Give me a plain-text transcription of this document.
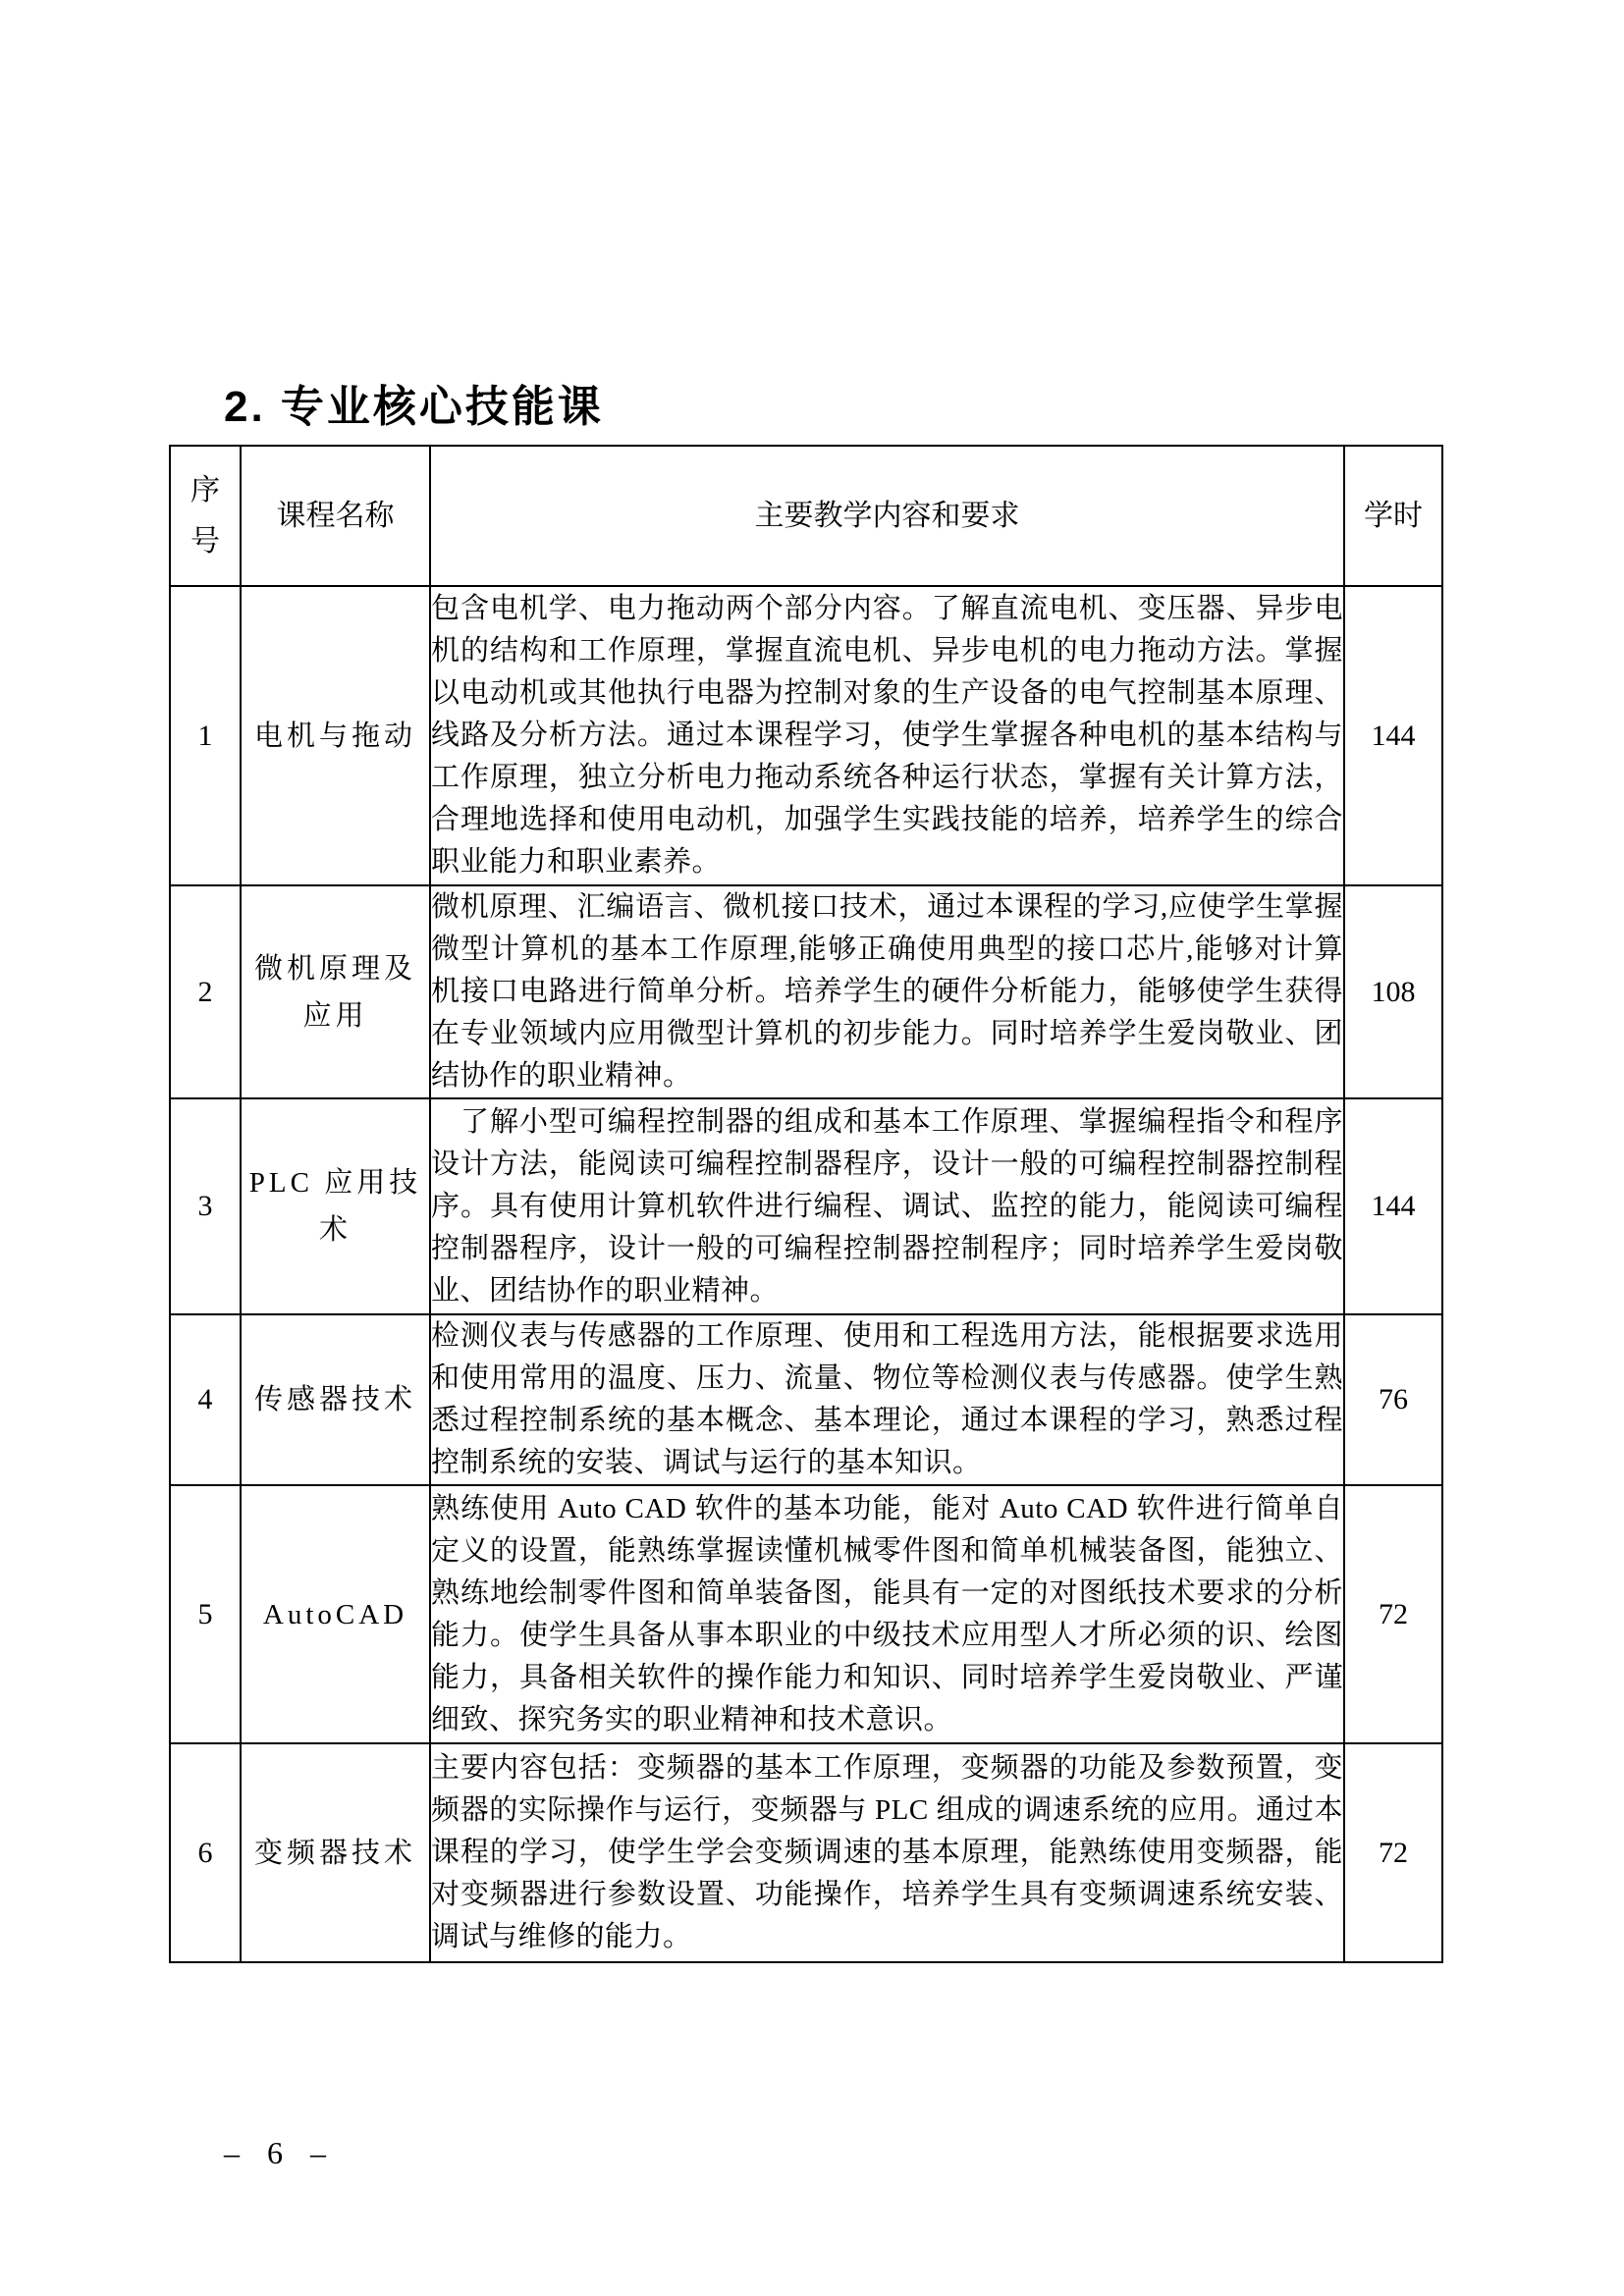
2. 专业核心技能课
序号	课程名称	主要教学内容和要求	学时
1	电机与拖动	包含电机学、电力拖动两个部分内容。了解直流电机、变压器、异步电机的结构和工作原理，掌握直流电机、异步电机的电力拖动方法。掌握以电动机或其他执行电器为控制对象的生产设备的电气控制基本原理、线路及分析方法。通过本课程学习，使学生掌握各种电机的基本结构与工作原理，独立分析电力拖动系统各种运行状态，掌握有关计算方法，合理地选择和使用电动机，加强学生实践技能的培养，培养学生的综合职业能力和职业素养。	144
2	微机原理及应用	微机原理、汇编语言、微机接口技术，通过本课程的学习,应使学生掌握微型计算机的基本工作原理,能够正确使用典型的接口芯片,能够对计算机接口电路进行简单分析。培养学生的硬件分析能力，能够使学生获得在专业领域内应用微型计算机的初步能力。同时培养学生爱岗敬业、团结协作的职业精神。	108
3	PLC 应用技术	　了解小型可编程控制器的组成和基本工作原理、掌握编程指令和程序设计方法，能阅读可编程控制器程序，设计一般的可编程控制器控制程序。具有使用计算机软件进行编程、调试、监控的能力，能阅读可编程控制器程序，设计一般的可编程控制器控制程序；同时培养学生爱岗敬业、团结协作的职业精神。	144
4	传感器技术	检测仪表与传感器的工作原理、使用和工程选用方法，能根据要求选用和使用常用的温度、压力、流量、物位等检测仪表与传感器。使学生熟悉过程控制系统的基本概念、基本理论，通过本课程的学习，熟悉过程控制系统的安装、调试与运行的基本知识。	76
5	AutoCAD	熟练使用 Auto CAD 软件的基本功能，能对 Auto CAD 软件进行简单自定义的设置，能熟练掌握读懂机械零件图和简单机械装备图，能独立、熟练地绘制零件图和简单装备图，能具有一定的对图纸技术要求的分析能力。使学生具备从事本职业的中级技术应用型人才所必须的识、绘图能力，具备相关软件的操作能力和知识、同时培养学生爱岗敬业、严谨细致、探究务实的职业精神和技术意识。	72
6	变频器技术	主要内容包括：变频器的基本工作原理，变频器的功能及参数预置，变频器的实际操作与运行，变频器与 PLC 组成的调速系统的应用。通过本课程的学习，使学生学会变频调速的基本原理，能熟练使用变频器，能对变频器进行参数设置、功能操作，培养学生具有变频调速系统安装、调试与维修的能力。	72
– 6 –
